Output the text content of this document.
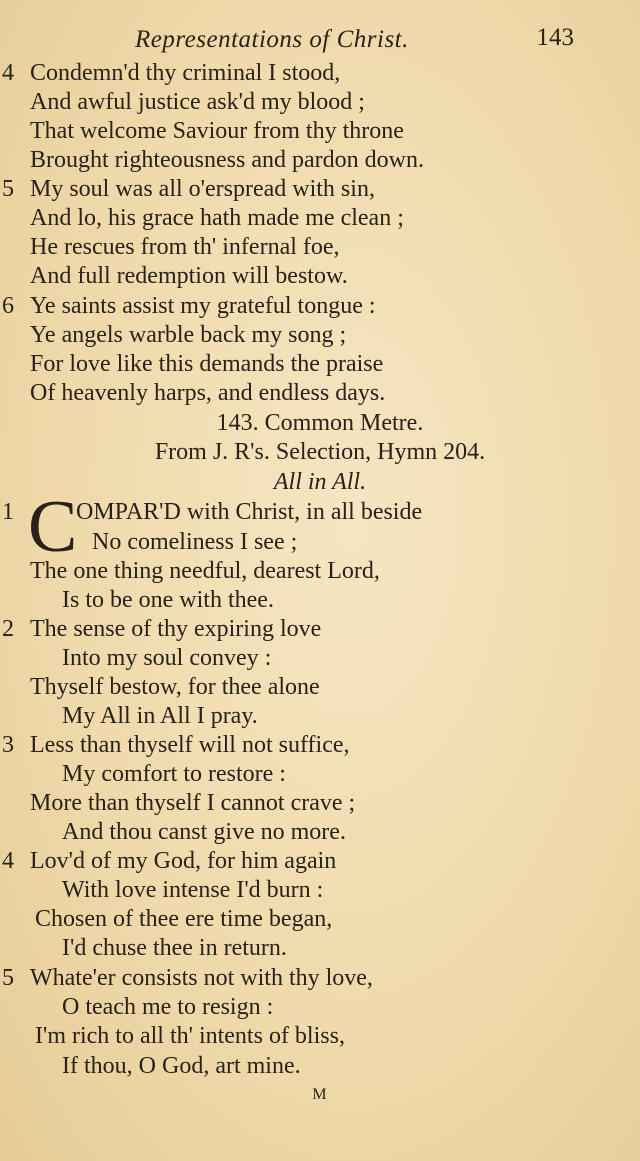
Representations of Christ.	143
4 Condemn'd thy criminal I stood,
And awful justice ask'd my blood ;
That welcome Saviour from thy throne
Brought righteousness and pardon down.
5 My soul was all o'erspread with sin,
And lo, his grace hath made me clean ;
He rescues from th' infernal foe,
And full redemption will bestow.
6 Ye saints assist my grateful tongue :
Ye angels warble back my song ;
For love like this demands the praise
Of heavenly harps, and endless days.
143. Common Metre.
From J. R's. Selection, Hymn 204.
All in All.
C
1	OMPAR'D with Christ, in all beside
No comeliness I see ;
The one thing needful, dearest Lord,
Is to be one with thee.
2 The sense of thy expiring love
Into my soul convey :
Thyself bestow, for thee alone
My All in All I pray.
3 Less than thyself will not suffice,
My comfort to restore :
More than thyself I cannot crave ;
And thou canst give no more.
4 Lov'd of my God, for him again
With love intense I'd burn :
Chosen of thee ere time began,
I'd chuse thee in return.
5 Whate'er consists not with thy love,
O teach me to resign :
I'm rich to all th' intents of bliss,
If thou, O God, art mine.
M
